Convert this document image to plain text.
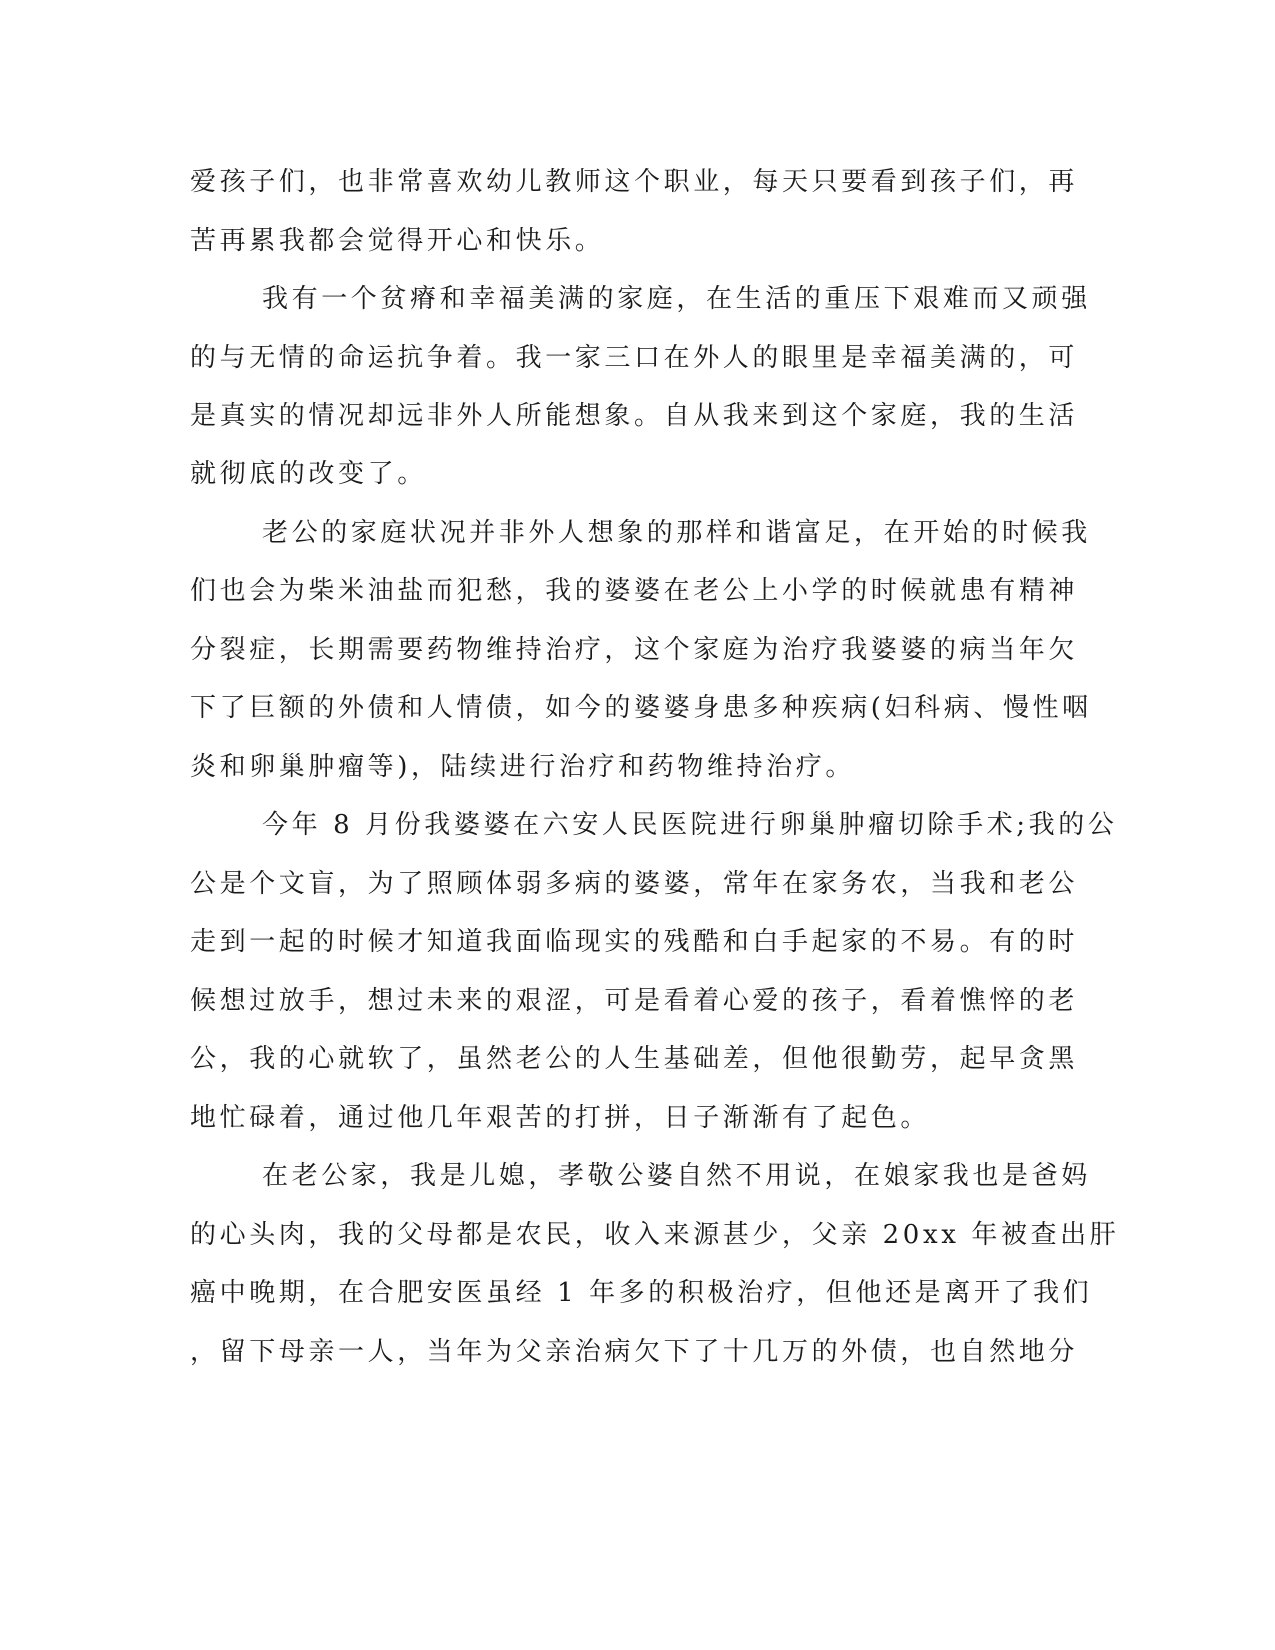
爱孩子们，也非常喜欢幼儿教师这个职业，每天只要看到孩子们，再

苦再累我都会觉得开心和快乐。

我有一个贫瘠和幸福美满的家庭，在生活的重压下艰难而又顽强

的与无情的命运抗争着。我一家三口在外人的眼里是幸福美满的，可

是真实的情况却远非外人所能想象。自从我来到这个家庭，我的生活

就彻底的改变了。

老公的家庭状况并非外人想象的那样和谐富足，在开始的时候我

们也会为柴米油盐而犯愁，我的婆婆在老公上小学的时候就患有精神

分裂症，长期需要药物维持治疗，这个家庭为治疗我婆婆的病当年欠

下了巨额的外债和人情债，如今的婆婆身患多种疾病(妇科病、慢性咽

炎和卵巢肿瘤等)，陆续进行治疗和药物维持治疗。

今年 8 月份我婆婆在六安人民医院进行卵巢肿瘤切除手术;我的公

公是个文盲，为了照顾体弱多病的婆婆，常年在家务农，当我和老公

走到一起的时候才知道我面临现实的残酷和白手起家的不易。有的时

候想过放手，想过未来的艰涩，可是看着心爱的孩子，看着憔悴的老

公，我的心就软了，虽然老公的人生基础差，但他很勤劳，起早贪黑

地忙碌着，通过他几年艰苦的打拼，日子渐渐有了起色。

在老公家，我是儿媳，孝敬公婆自然不用说，在娘家我也是爸妈

的心头肉，我的父母都是农民，收入来源甚少，父亲 20xx 年被查出肝

癌中晚期，在合肥安医虽经 1 年多的积极治疗，但他还是离开了我们

，留下母亲一人，当年为父亲治病欠下了十几万的外债，也自然地分
